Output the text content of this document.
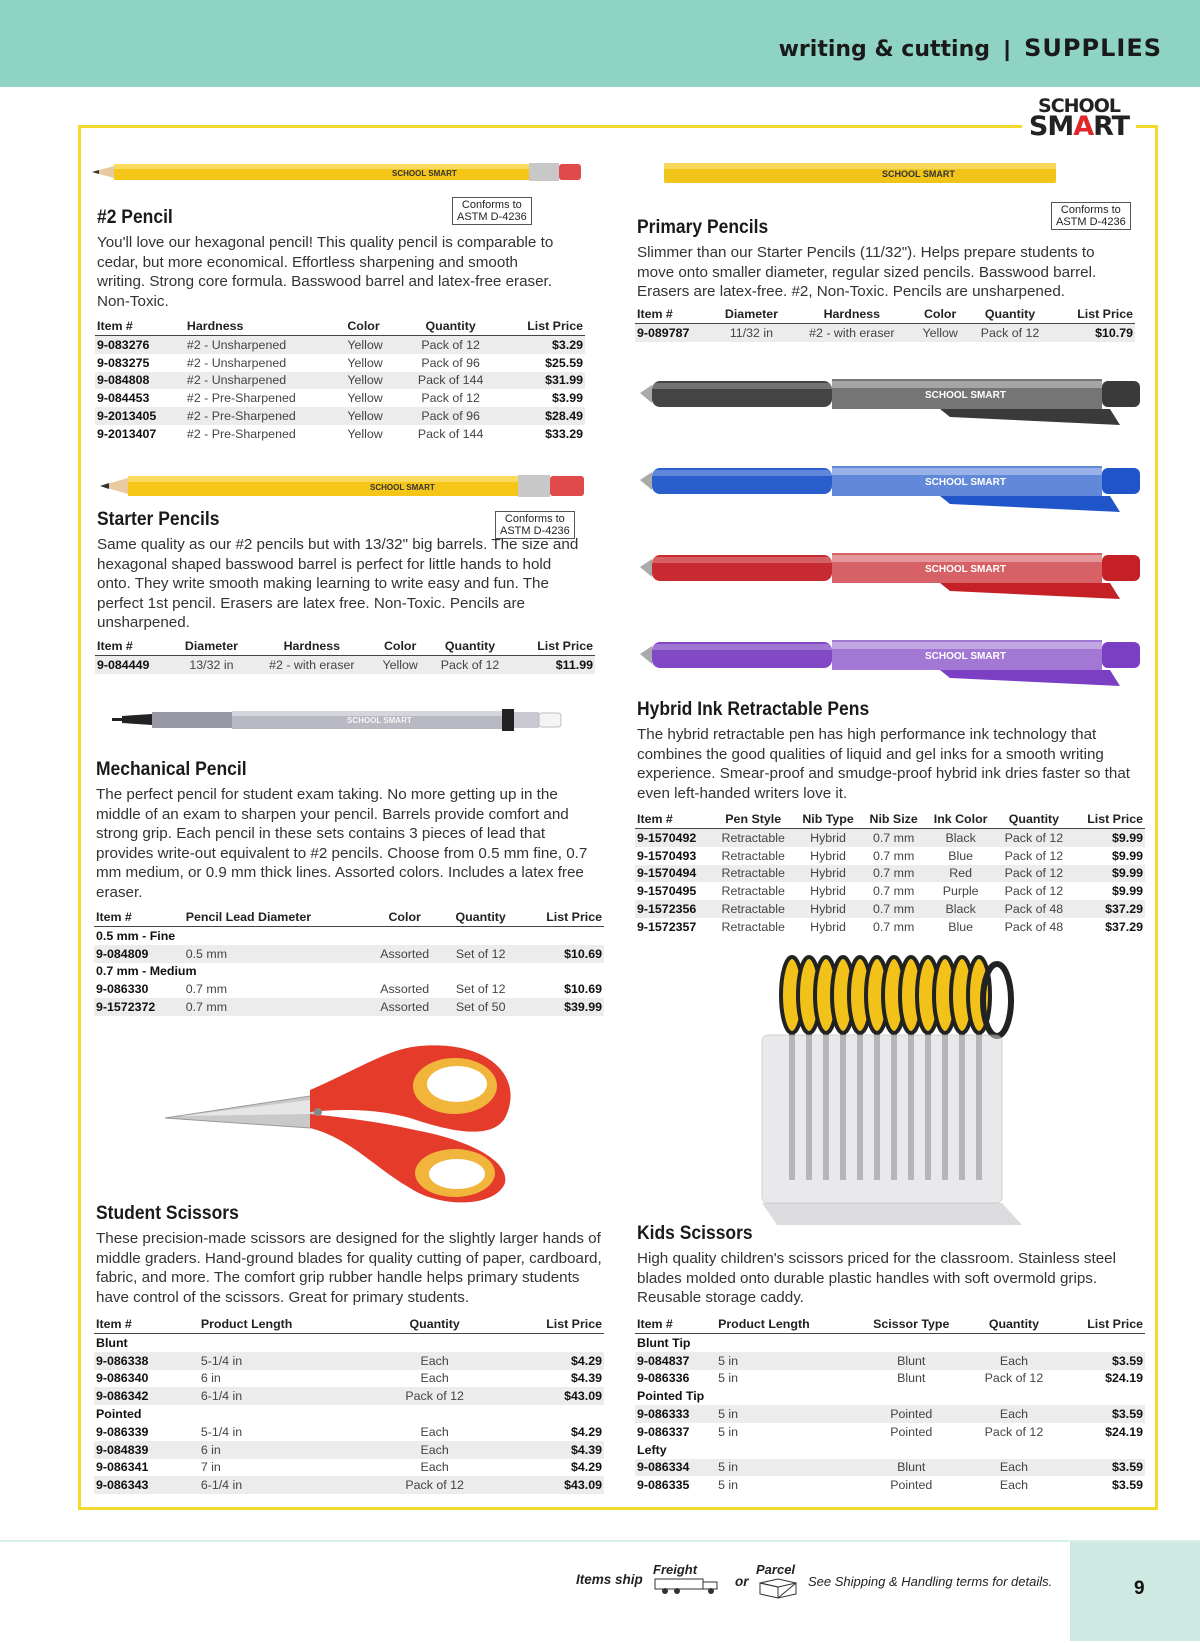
writing & cutting | SUPPLIES
SCHOOL
SMART
SCHOOL SMART
Conforms to
ASTM D-4236
#2 Pencil
You'll love our hexagonal pencil! This quality pencil is comparable to cedar, but more economical. Effortless sharpening and smooth writing. Strong core formula. Basswood barrel and latex-free eraser. Non-Toxic.
Item #	Hardness	Color	Quantity	List Price
9-083276	#2 - Unsharpened	Yellow	Pack of 12	$3.29
9-083275	#2 - Unsharpened	Yellow	Pack of 96	$25.59
9-084808	#2 - Unsharpened	Yellow	Pack of 144	$31.99
9-084453	#2 - Pre-Sharpened	Yellow	Pack of 12	$3.99
9-2013405	#2 - Pre-Sharpened	Yellow	Pack of 96	$28.49
9-2013407	#2 - Pre-Sharpened	Yellow	Pack of 144	$33.29
SCHOOL SMART
Conforms to
ASTM D-4236
Starter Pencils
Same quality as our #2 pencils but with 13/32" big barrels. The size and hexagonal shaped basswood barrel is perfect for little hands to hold onto. They write smooth making learning to write easy and fun. The perfect 1st pencil. Erasers are latex free. Non-Toxic. Pencils are unsharpened.
Item #	Diameter	Hardness	Color	Quantity	List Price
9-084449	13/32 in	#2 - with eraser	Yellow	Pack of 12	$11.99
SCHOOL SMART
Mechanical Pencil
The perfect pencil for student exam taking. No more getting up in the middle of an exam to sharpen your pencil. Barrels provide comfort and strong grip. Each pencil in these sets contains 3 pieces of lead that provides write-out equivalent to #2 pencils. Choose from 0.5 mm fine, 0.7 mm medium, or 0.9 mm thick lines. Assorted colors. Includes a latex free eraser.
Item #	Pencil Lead Diameter	Color	Quantity	List Price
0.5 mm - Fine				
9-084809	0.5 mm	Assorted	Set of 12	$10.69
0.7 mm - Medium				
9-086330	0.7 mm	Assorted	Set of 12	$10.69
9-1572372	0.7 mm	Assorted	Set of 50	$39.99
Student Scissors
These precision-made scissors are designed for the slightly larger hands of middle graders. Hand-ground blades for quality cutting of paper, cardboard, fabric, and more. The comfort grip rubber handle helps primary students have control of the scissors. Great for primary students.
Item #	Product Length	Quantity	List Price
Blunt			
9-086338	5-1/4 in	Each	$4.29
9-086340	6 in	Each	$4.39
9-086342	6-1/4 in	Pack of 12	$43.09
Pointed			
9-086339	5-1/4 in	Each	$4.29
9-084839	6 in	Each	$4.39
9-086341	7 in	Each	$4.29
9-086343	6-1/4 in	Pack of 12	$43.09
SCHOOL SMART
Conforms to
ASTM D-4236
Primary Pencils
Slimmer than our Starter Pencils (11/32"). Helps prepare students to move onto smaller diameter, regular sized pencils. Basswood barrel. Erasers are latex-free. #2, Non-Toxic. Pencils are unsharpened.
Item #	Diameter	Hardness	Color	Quantity	List Price
9-089787	11/32 in	#2 - with eraser	Yellow	Pack of 12	$10.79
SCHOOL SMART
SCHOOL SMART
SCHOOL SMART
SCHOOL SMART
Hybrid Ink Retractable Pens
The hybrid retractable pen has high performance ink technology that combines the good qualities of liquid and gel inks for a smooth writing experience. Smear-proof and smudge-proof hybrid ink dries faster so that even left-handed writers love it.
Item #	Pen Style	Nib Type	Nib Size	Ink Color	Quantity	List Price
9-1570492	Retractable	Hybrid	0.7 mm	Black	Pack of 12	$9.99
9-1570493	Retractable	Hybrid	0.7 mm	Blue	Pack of 12	$9.99
9-1570494	Retractable	Hybrid	0.7 mm	Red	Pack of 12	$9.99
9-1570495	Retractable	Hybrid	0.7 mm	Purple	Pack of 12	$9.99
9-1572356	Retractable	Hybrid	0.7 mm	Black	Pack of 48	$37.29
9-1572357	Retractable	Hybrid	0.7 mm	Blue	Pack of 48	$37.29
Kids Scissors
High quality children's scissors priced for the classroom. Stainless steel blades molded onto durable plastic handles with soft overmold grips. Reusable storage caddy.
Item #	Product Length	Scissor Type	Quantity	List Price
Blunt Tip				
9-084837	5 in	Blunt	Each	$3.59
9-086336	5 in	Blunt	Pack of 12	$24.19
Pointed Tip				
9-086333	5 in	Pointed	Each	$3.59
9-086337	5 in	Pointed	Pack of 12	$24.19
Lefty				
9-086334	5 in	Blunt	Each	$3.59
9-086335	5 in	Pointed	Each	$3.59
Items ship
Freight
or
Parcel
See Shipping & Handling terms for details.	9
